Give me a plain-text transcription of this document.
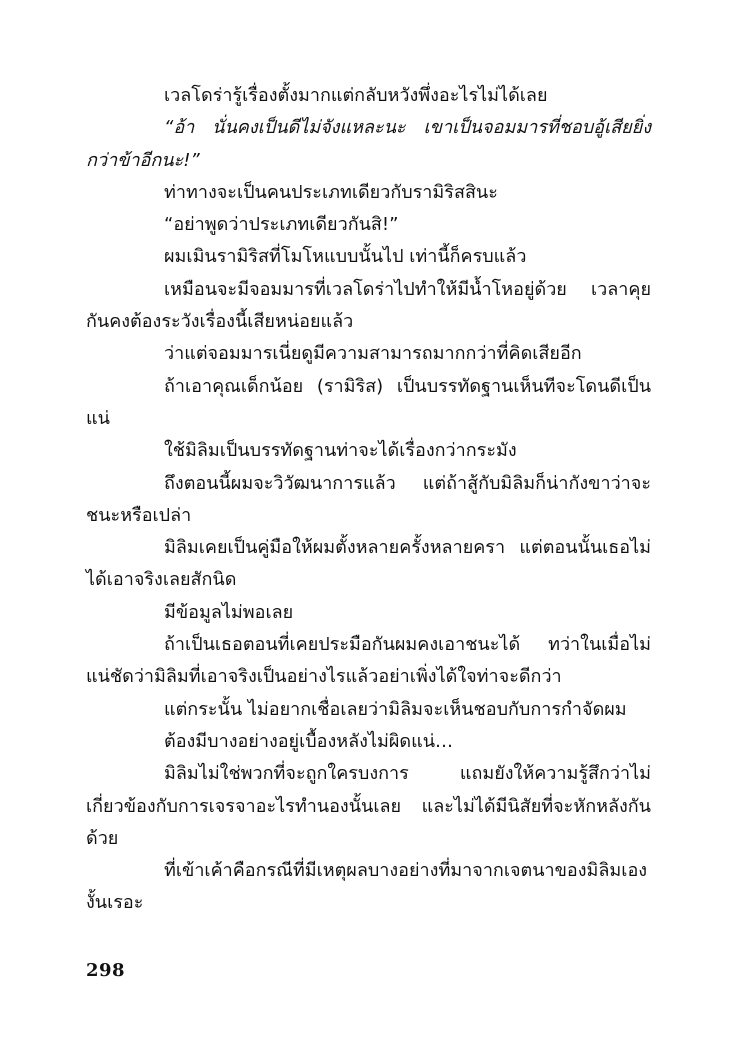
เวลโดร่ารู้เรื่องตั้งมากแต่กลับหวังพึ่งอะไรไม่ได้เลย

“อ้า นั่นคงเป็นดีไม่จังแหละนะ เขาเป็นจอมมารที่ชอบอู้เสียยิ่งกว่าข้าอีกนะ!”

ท่าทางจะเป็นคนประเภทเดียวกับรามิริสสินะ

“อย่าพูดว่าประเภทเดียวกันสิ!”

ผมเมินรามิริสที่โมโหแบบนั้นไป เท่านี้ก็ครบแล้ว

เหมือนจะมีจอมมารที่เวลโดร่าไปทำให้มีน้ำโหอยู่ด้วย เวลาคุยกันคงต้องระวังเรื่องนี้เสียหน่อยแล้ว

ว่าแต่จอมมารเนี่ยดูมีความสามารถมากกว่าที่คิดเสียอีก

ถ้าเอาคุณเด็กน้อย (รามิริส) เป็นบรรทัดฐานเห็นทีจะโดนดีเป็นแน่

ใช้มิลิมเป็นบรรทัดฐานท่าจะได้เรื่องกว่ากระมัง

ถึงตอนนี้ผมจะวิวัฒนาการแล้ว แต่ถ้าสู้กับมิลิมก็น่ากังขาว่าจะชนะหรือเปล่า

มิลิมเคยเป็นคู่มือให้ผมตั้งหลายครั้งหลายครา แต่ตอนนั้นเธอไม่ได้เอาจริงเลยสักนิด

มีข้อมูลไม่พอเลย

ถ้าเป็นเธอตอนที่เคยประมือกันผมคงเอาชนะได้ ทว่าในเมื่อไม่แน่ชัดว่ามิลิมที่เอาจริงเป็นอย่างไรแล้วอย่าเพิ่งได้ใจท่าจะดีกว่า

แต่กระนั้น ไม่อยากเชื่อเลยว่ามิลิมจะเห็นชอบกับการกำจัดผม

ต้องมีบางอย่างอยู่เบื้องหลังไม่ผิดแน่…

มิลิมไม่ใช่พวกที่จะถูกใครบงการ แถมยังให้ความรู้สึกว่าไม่เกี่ยวข้องกับการเจรจาอะไรทำนองนั้นเลย และไม่ได้มีนิสัยที่จะหักหลังกันด้วย

ที่เข้าเค้าคือกรณีที่มีเหตุผลบางอย่างที่มาจากเจตนาของมิลิมเองงั้นเรอะ

298
